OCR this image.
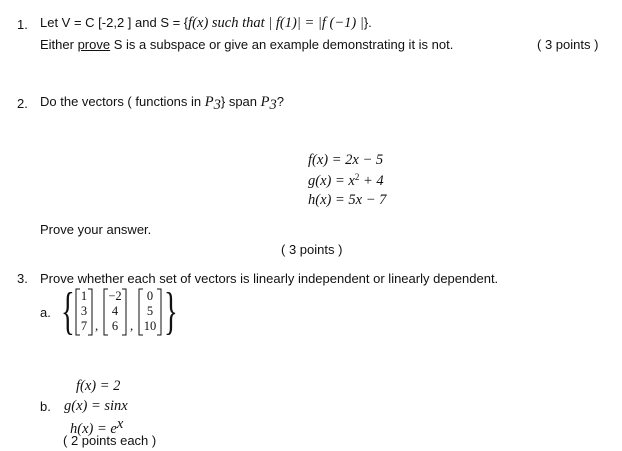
1. Let V = C [-2,2 ] and S = {f(x) such that | f(1)| = |f (−1) |}.
Either prove S is a subspace or give an example demonstrating it is not.	( 3 points )
2. Do the vectors ( functions in $P_3$} span $P_3$?
f(x) = 2x − 5
$g(x) = x^2 + 4$
h(x) = 5x − 7
Prove your answer.
( 3 points )
3. Prove whether each set of vectors is linearly independent or linearly dependent.
a. { 1
3
7 ,
−2
4
6 ,
0
5
10 }
f(x) = 2
b. g(x) = sinx
$h(x) = e^x$
( 2 points each )
